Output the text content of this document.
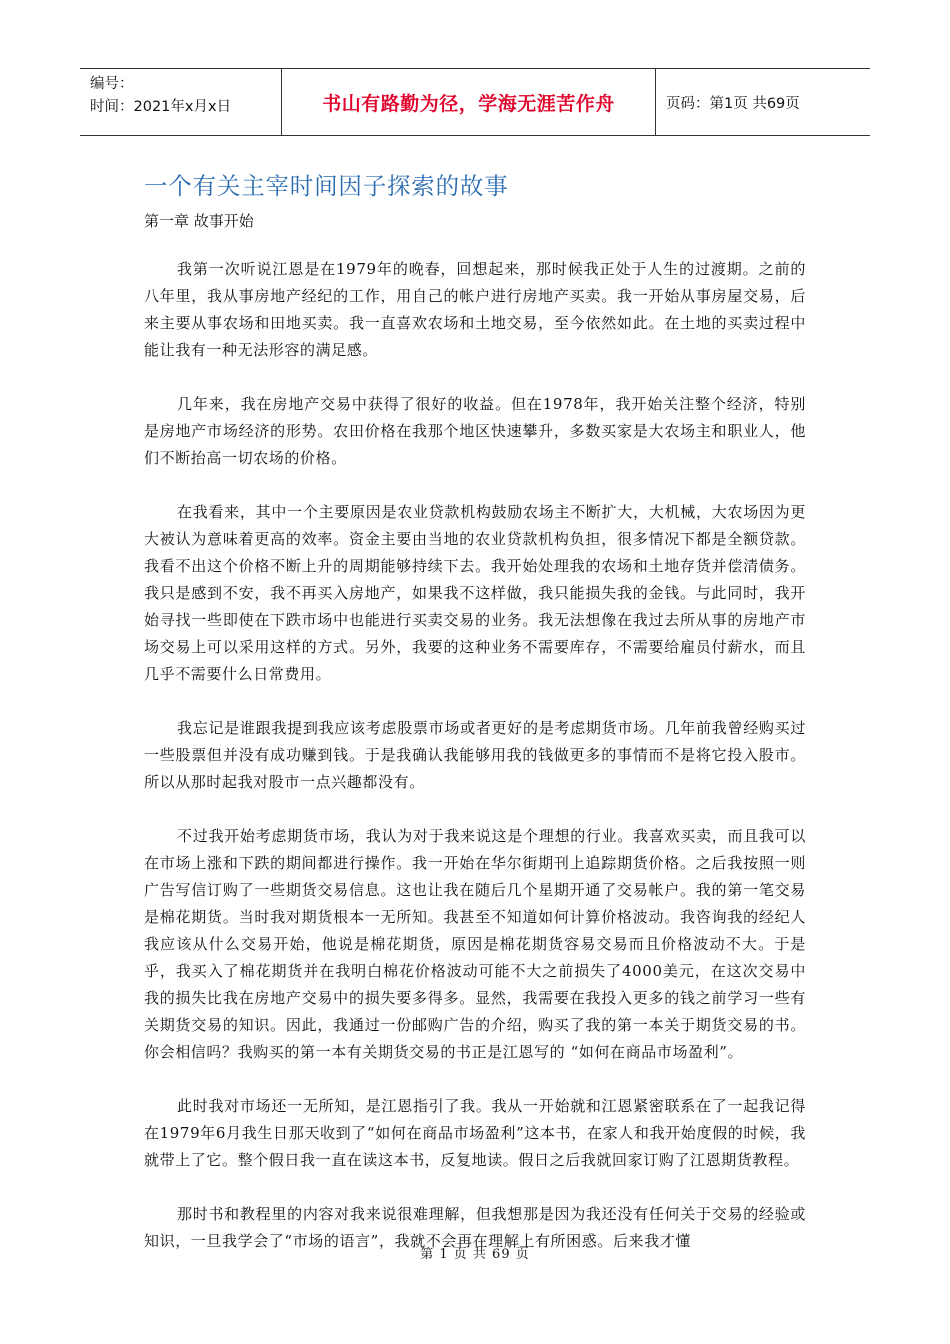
编号：
时间：2021年x月x日	书山有路勤为径，学海无涯苦作舟	页码：第1页 共69页
一个有关主宰时间因子探索的故事
第一章 故事开始

我第一次听说江恩是在1979年的晚春，回想起来，那时候我正处于人生的过渡期。之前的八年里，我从事房地产经纪的工作，用自己的帐户进行房地产买卖。我一开始从事房屋交易，后来主要从事农场和田地买卖。我一直喜欢农场和土地交易，至今依然如此。在土地的买卖过程中能让我有一种无法形容的满足感。

几年来，我在房地产交易中获得了很好的收益。但在1978年，我开始关注整个经济，特别是房地产市场经济的形势。农田价格在我那个地区快速攀升，多数买家是大农场主和职业人，他们不断抬高一切农场的价格。

在我看来，其中一个主要原因是农业贷款机构鼓励农场主不断扩大，大机械，大农场因为更大被认为意味着更高的效率。资金主要由当地的农业贷款机构负担，很多情况下都是全额贷款。我看不出这个价格不断上升的周期能够持续下去。我开始处理我的农场和土地存货并偿清债务。我只是感到不安，我不再买入房地产，如果我不这样做，我只能损失我的金钱。与此同时，我开始寻找一些即使在下跌市场中也能进行买卖交易的业务。我无法想像在我过去所从事的房地产市场交易上可以采用这样的方式。另外，我要的这种业务不需要库存，不需要给雇员付薪水，而且几乎不需要什么日常费用。

我忘记是谁跟我提到我应该考虑股票市场或者更好的是考虑期货市场。几年前我曾经购买过一些股票但并没有成功赚到钱。于是我确认我能够用我的钱做更多的事情而不是将它投入股市。所以从那时起我对股市一点兴趣都没有。

不过我开始考虑期货市场，我认为对于我来说这是个理想的行业。我喜欢买卖，而且我可以在市场上涨和下跌的期间都进行操作。我一开始在华尔街期刊上追踪期货价格。之后我按照一则广告写信订购了一些期货交易信息。这也让我在随后几个星期开通了交易帐户。我的第一笔交易是棉花期货。当时我对期货根本一无所知。我甚至不知道如何计算价格波动。我咨询我的经纪人我应该从什么交易开始，他说是棉花期货，原因是棉花期货容易交易而且价格波动不大。于是乎，我买入了棉花期货并在我明白棉花价格波动可能不大之前损失了4000美元，在这次交易中我的损失比我在房地产交易中的损失要多得多。显然，我需要在我投入更多的钱之前学习一些有关期货交易的知识。因此，我通过一份邮购广告的介绍，购买了我的第一本关于期货交易的书。你会相信吗？我购买的第一本有关期货交易的书正是江恩写的 “如何在商品市场盈利”。

此时我对市场还一无所知，是江恩指引了我。我从一开始就和江恩紧密联系在了一起我记得在1979年6月我生日那天收到了“如何在商品市场盈利”这本书，在家人和我开始度假的时候，我就带上了它。整个假日我一直在读这本书，反复地读。假日之后我就回家订购了江恩期货教程。

那时书和教程里的内容对我来说很难理解，但我想那是因为我还没有任何关于交易的经验或知识，一旦我学会了“市场的语言”，我就不会再在理解上有所困惑。后来我才懂

第 1 页 共 69 页
